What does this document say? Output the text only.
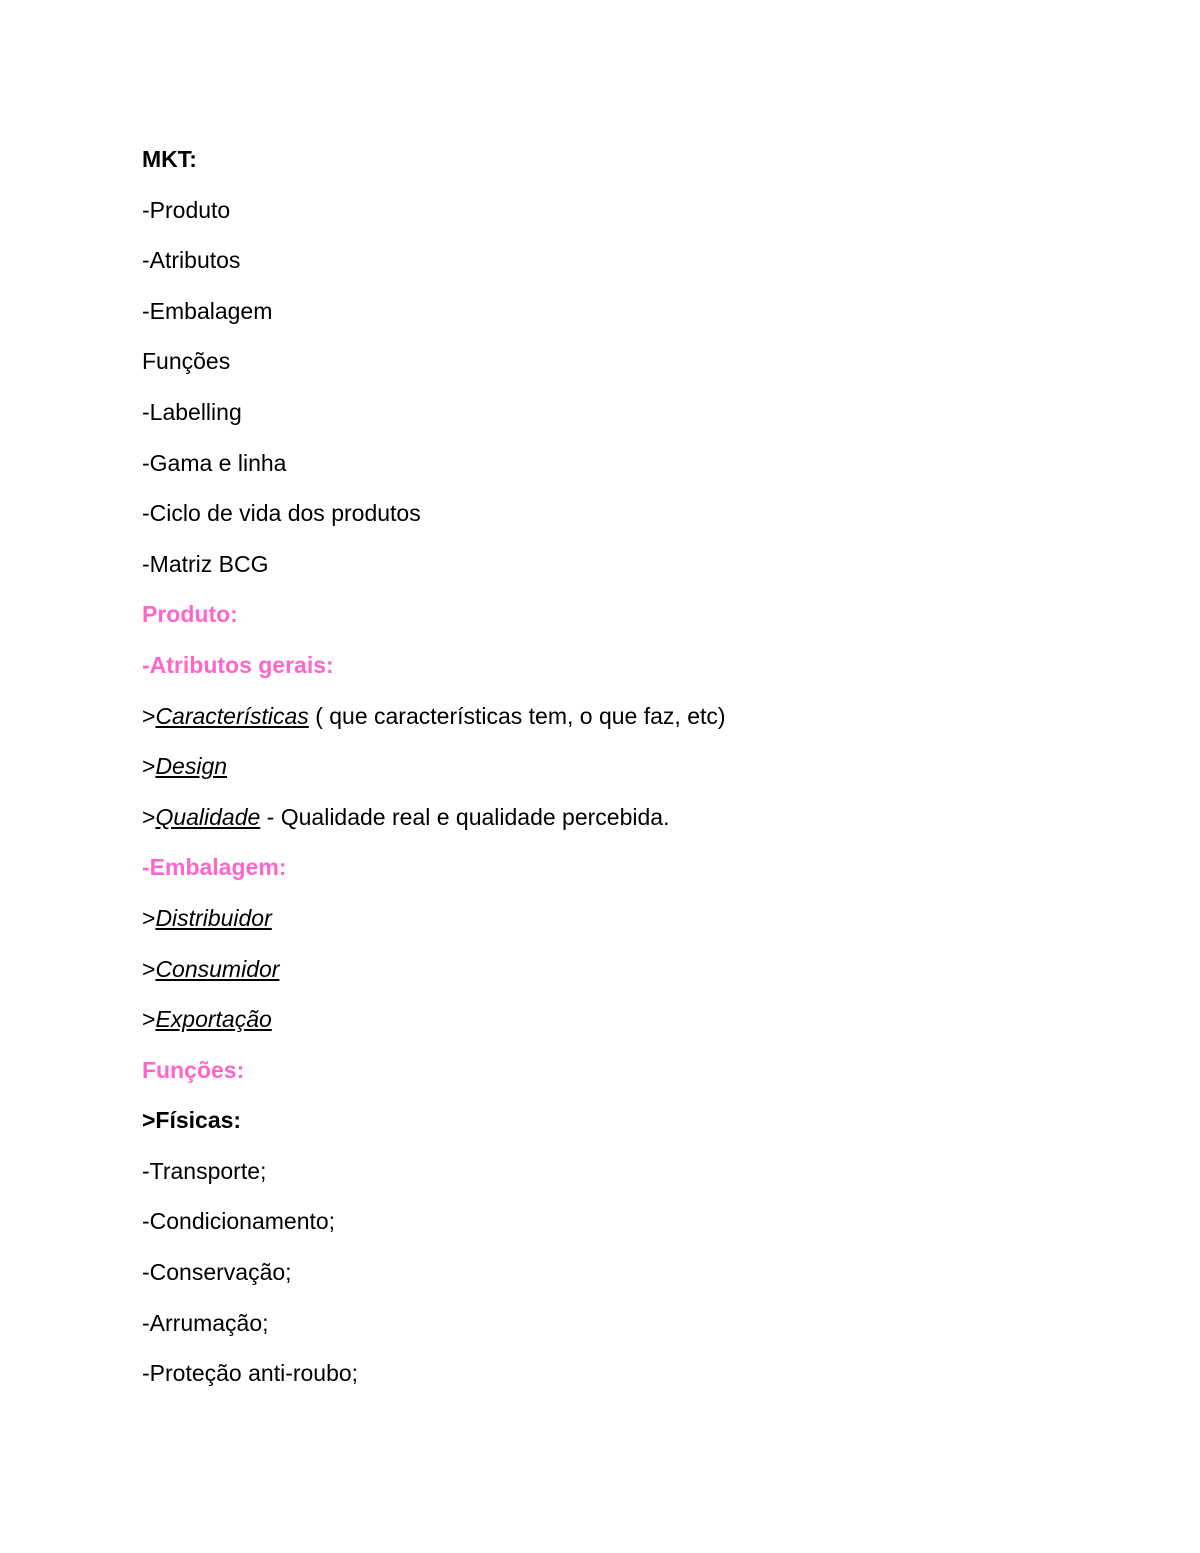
MKT:
-Produto
-Atributos
-Embalagem
Funções
-Labelling
-Gama e linha
-Ciclo de vida dos produtos
-Matriz BCG
Produto:
-Atributos gerais:
>Características ( que características tem, o que faz, etc)
>Design
>Qualidade - Qualidade real e qualidade percebida.
-Embalagem:
>Distribuidor
>Consumidor
>Exportação
Funções:
>Físicas:
-Transporte;
-Condicionamento;
-Conservação;
-Arrumação;
-Proteção anti-roubo;
